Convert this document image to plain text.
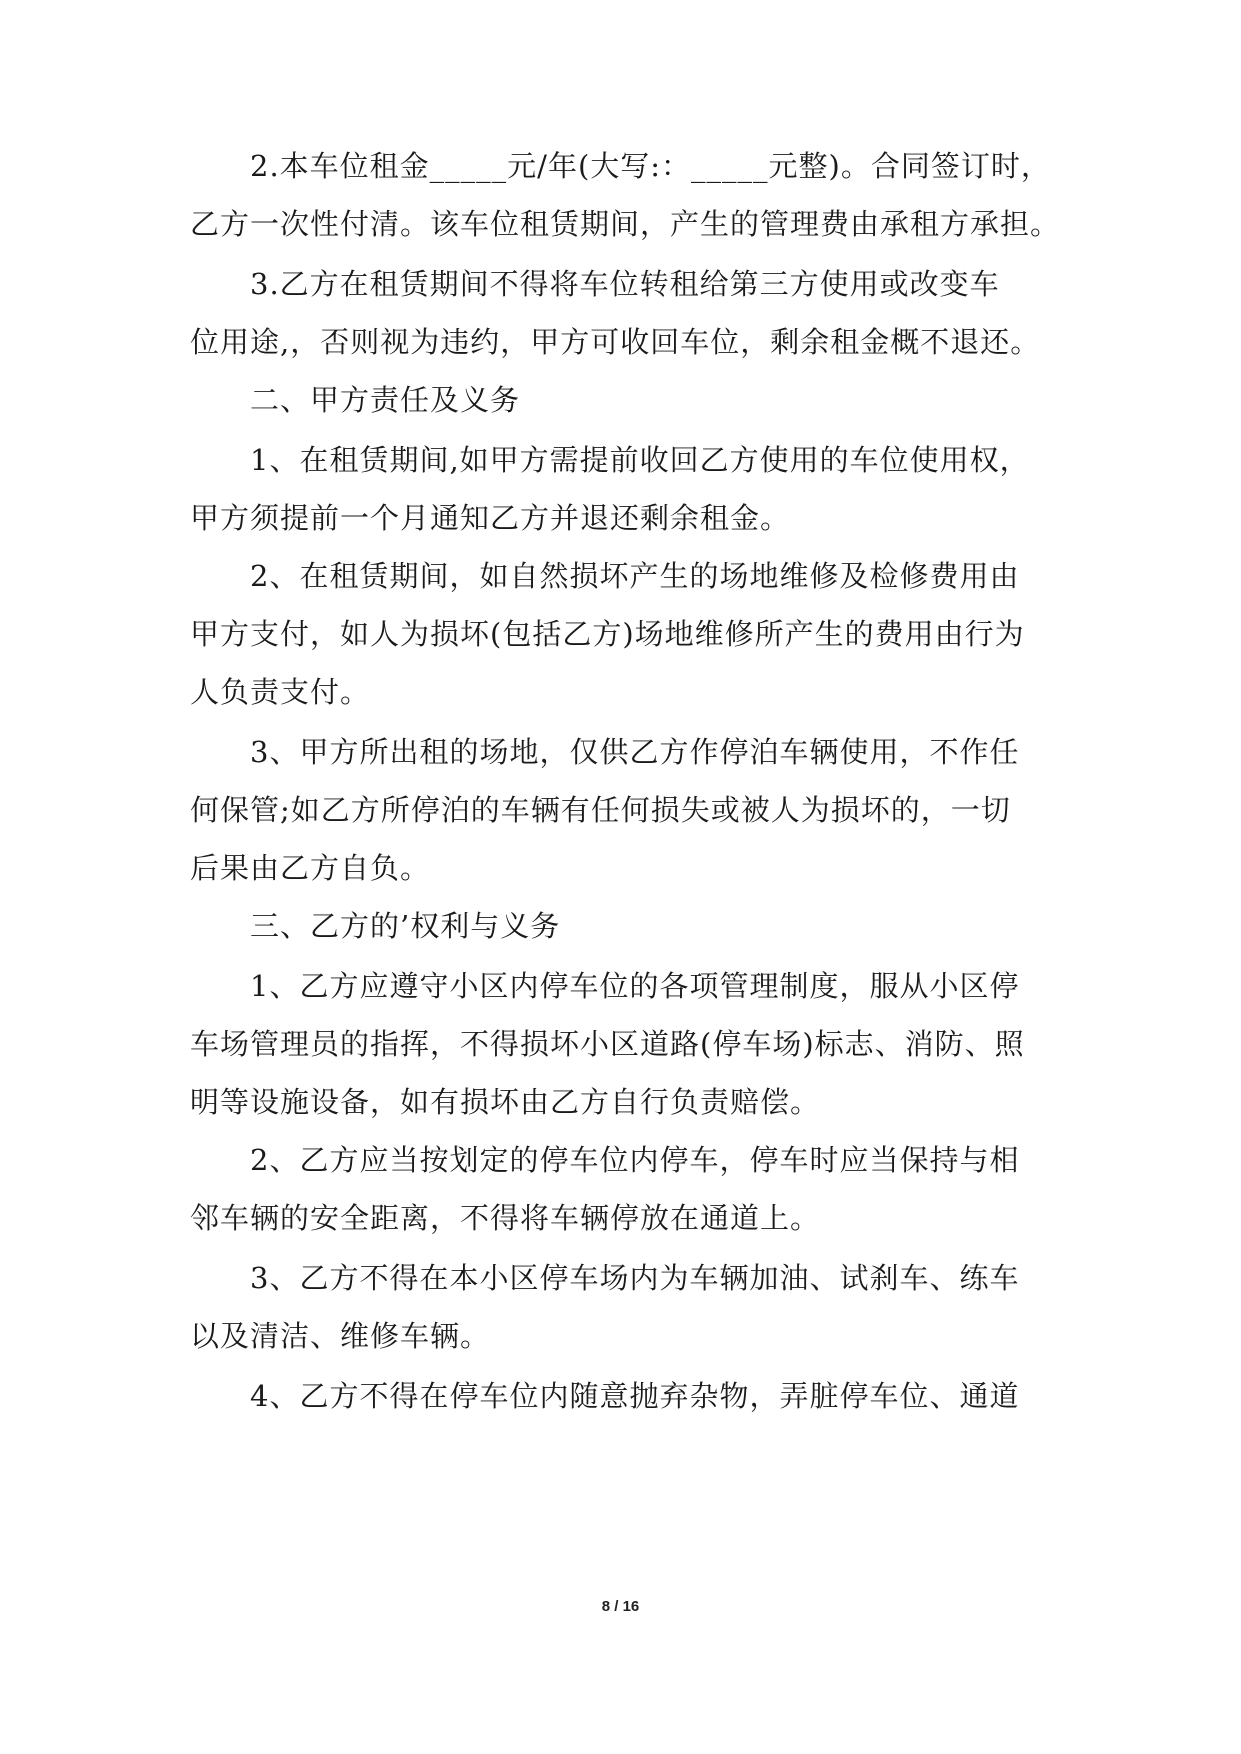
2.本车位租金_____元/年(大写:：_____元整)。合同签订时，
乙方一次性付清。该车位租赁期间，产生的管理费由承租方承担。
3.乙方在租赁期间不得将车位转租给第三方使用或改变车
位用途,，否则视为违约，甲方可收回车位，剩余租金概不退还。
二、甲方责任及义务
1、在租赁期间,如甲方需提前收回乙方使用的车位使用权，
甲方须提前一个月通知乙方并退还剩余租金。
2、在租赁期间，如自然损坏产生的场地维修及检修费用由
甲方支付，如人为损坏(包括乙方)场地维修所产生的费用由行为
人负责支付。
3、甲方所出租的场地，仅供乙方作停泊车辆使用，不作任
何保管;如乙方所停泊的车辆有任何损失或被人为损坏的，一切
后果由乙方自负。
三、乙方的’权利与义务
1、乙方应遵守小区内停车位的各项管理制度，服从小区停
车场管理员的指挥，不得损坏小区道路(停车场)标志、消防、照
明等设施设备，如有损坏由乙方自行负责赔偿。
2、乙方应当按划定的停车位内停车，停车时应当保持与相
邻车辆的安全距离，不得将车辆停放在通道上。
3、乙方不得在本小区停车场内为车辆加油、试刹车、练车
以及清洁、维修车辆。
4、乙方不得在停车位内随意抛弃杂物，弄脏停车位、通道
8 / 16
